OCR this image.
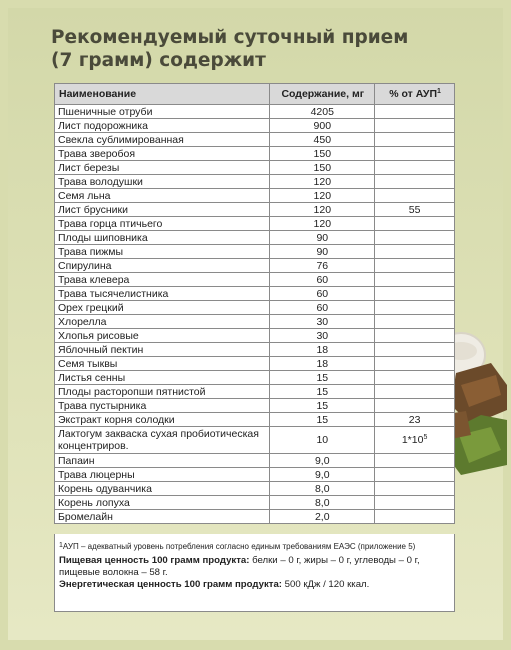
Рекомендуемый суточный прием
(7 грамм) содержит
Наименование	Содержание, мг	% от АУП$^1$
Пшеничные отруби	4205	
Лист подорожника	900	
Свекла сублимированная	450	
Трава зверобоя	150	
Лист березы	150	
Трава володушки	120	
Семя льна	120	
Лист брусники	120	55
Трава горца птичьего	120	
Плоды шиповника	90	
Трава пижмы	90	
Спирулина	76	
Трава клевера	60	
Трава тысячелистника	60	
Орех грецкий	60	
Хлорелла	30	
Хлопья рисовые	30	
Яблочный пектин	18	
Семя тыквы	18	
Листья сенны	15	
Плоды расторопши пятнистой	15	
Трава пустырника	15	
Экстракт корня солодки	15	23
Лактогум закваска сухая пробиотическая концентриров.	10	$1*10^5$
Папаин	9,0	
Трава люцерны	9,0	
Корень одуванчика	8,0	
Корень лопуха	8,0	
Бромелайн	2,0	
$^1$АУП – адекватный уровень потребления согласно единым требованиям ЕАЭС (приложение 5)
Пищевая ценность 100 грамм продукта: белки – 0 г, жиры – 0 г, углеводы – 0 г, пищевые волокна – 58 г.
Энергетическая ценность 100 грамм продукта: 500 кДж / 120 ккал.
